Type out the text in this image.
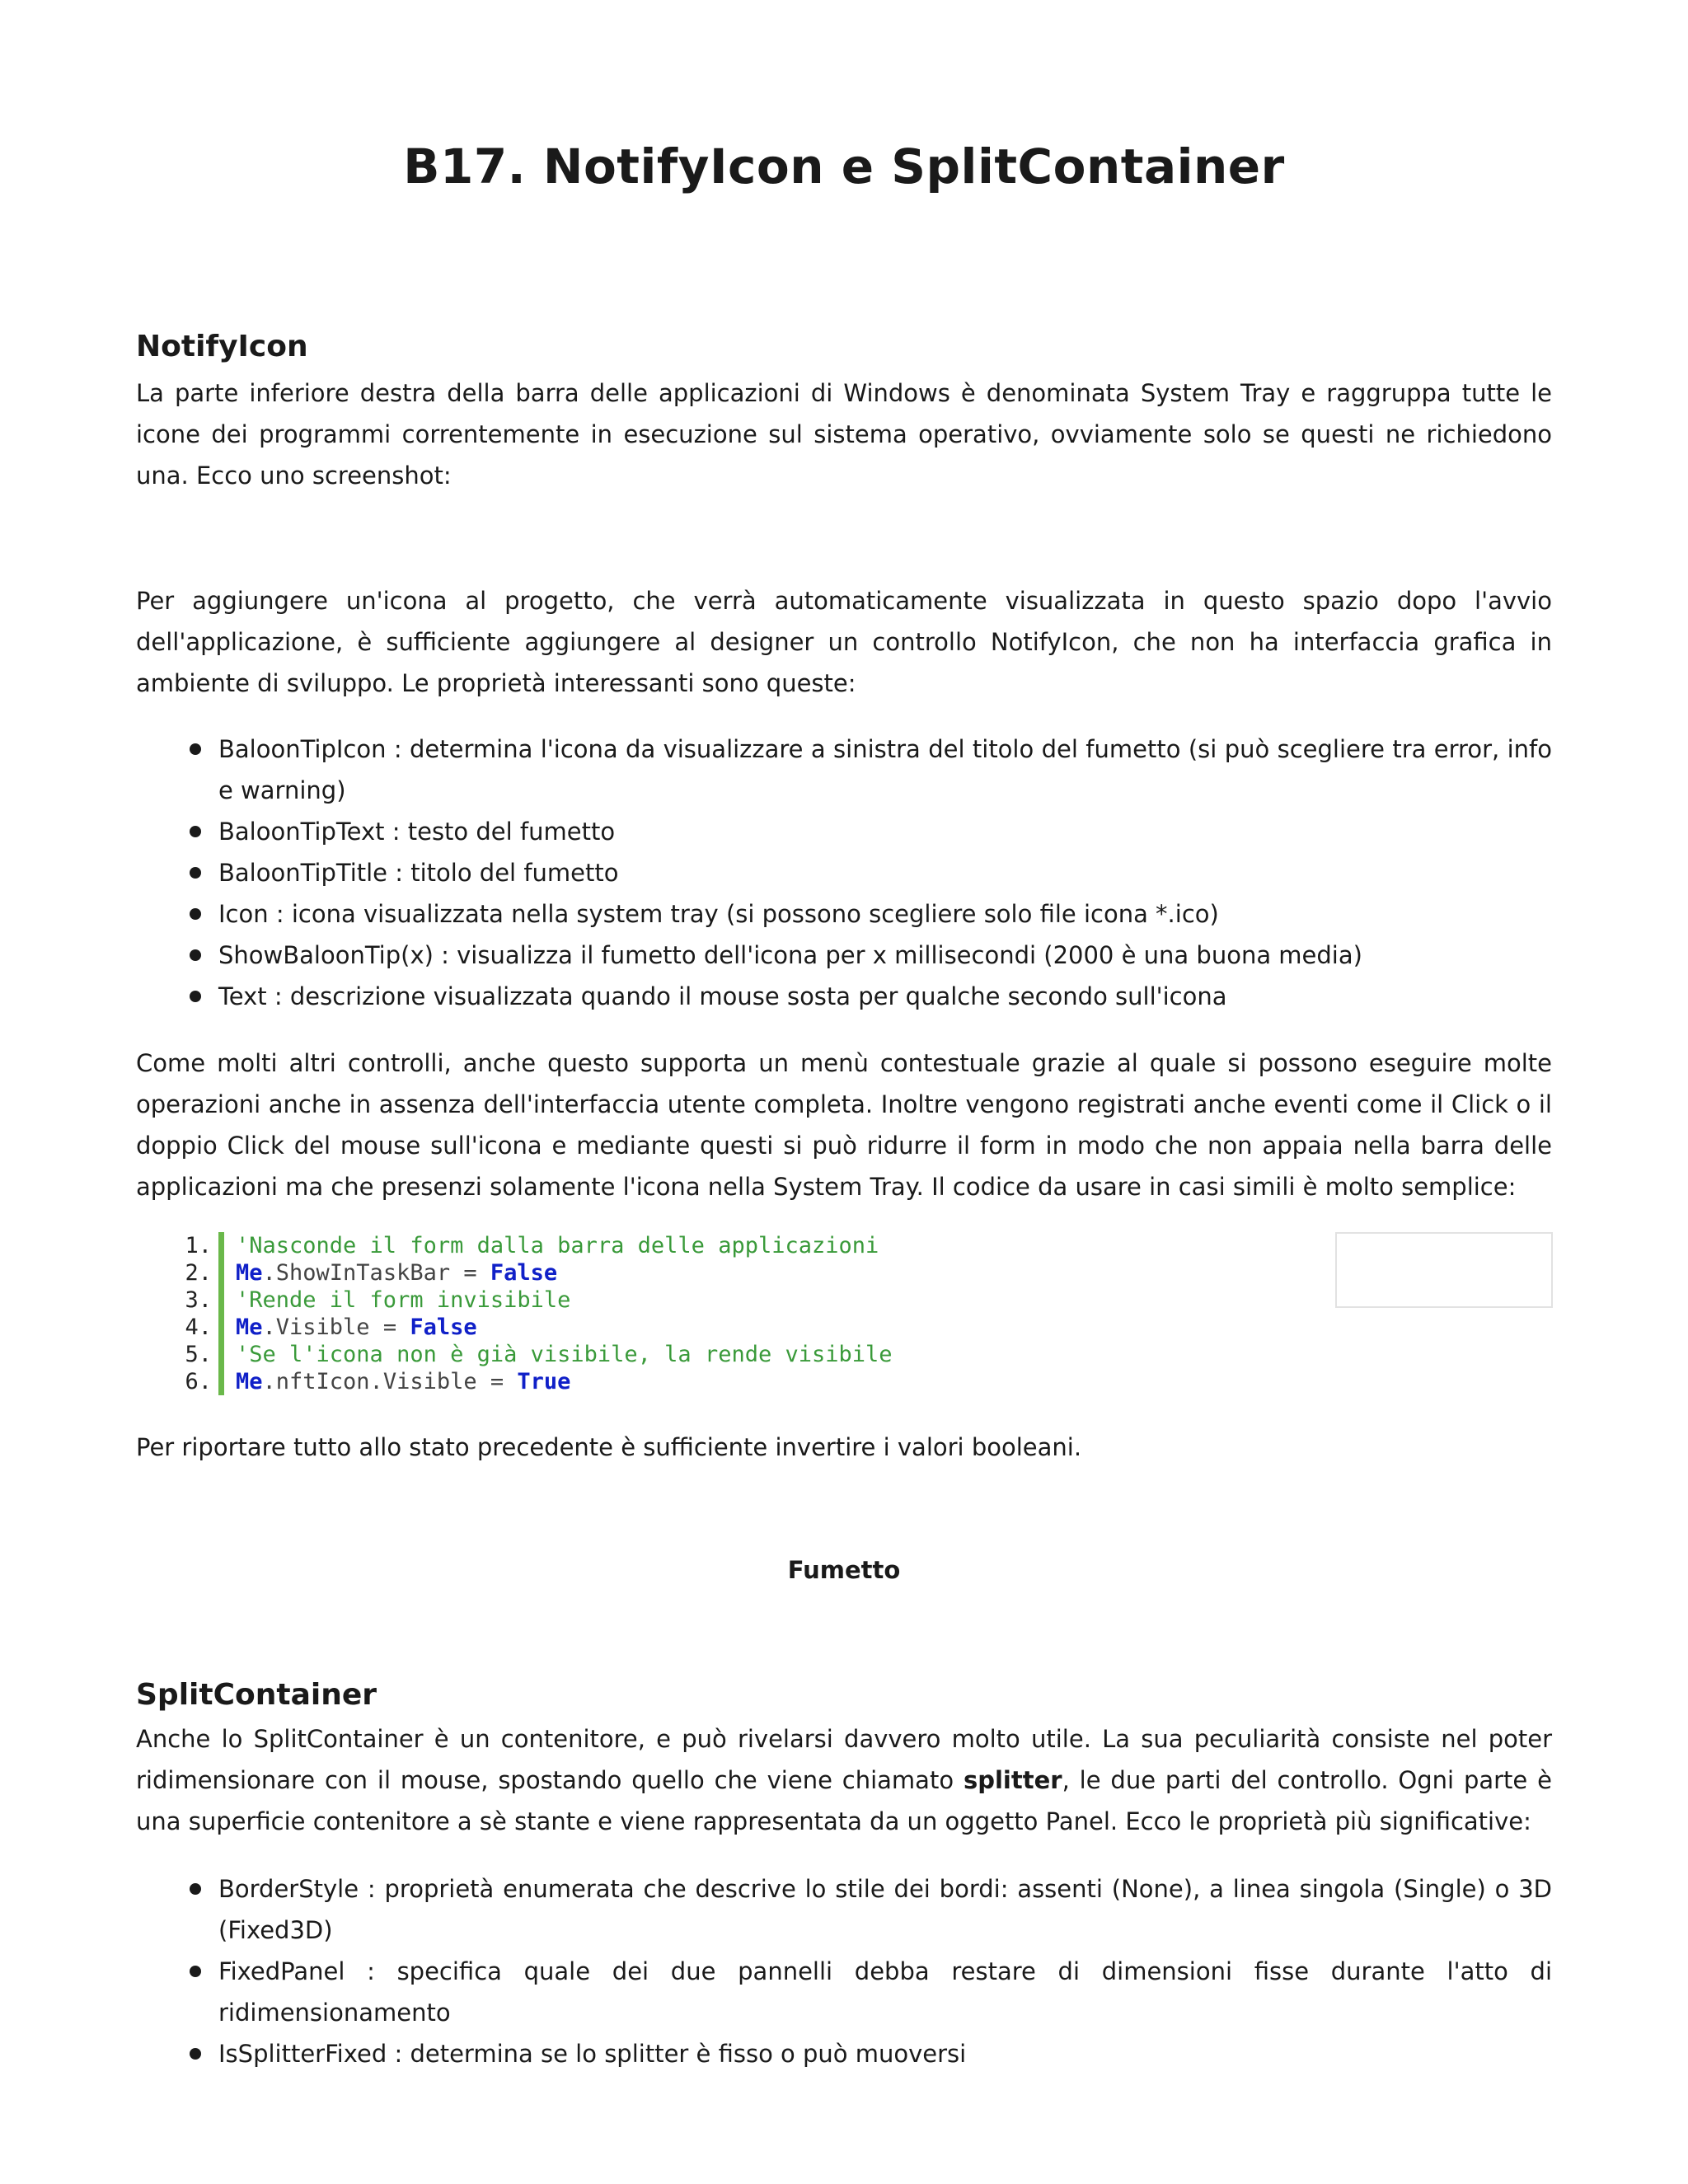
B17. NotifyIcon e SplitContainer
NotifyIcon

La parte inferiore destra della barra delle applicazioni di Windows è denominata System Tray e raggruppa tutte le icone dei programmi correntemente in esecuzione sul sistema operativo, ovviamente solo se questi ne richiedono una. Ecco uno screenshot:

Per aggiungere un'icona al progetto, che verrà automaticamente visualizzata in questo spazio dopo l'avvio dell'applicazione, è sufficiente aggiungere al designer un controllo NotifyIcon, che non ha interfaccia grafica in ambiente di sviluppo. Le proprietà interessanti sono queste:

BaloonTipIcon : determina l'icona da visualizzare a sinistra del titolo del fumetto (si può scegliere tra error, info e warning)
BaloonTipText : testo del fumetto
BaloonTipTitle : titolo del fumetto
Icon : icona visualizzata nella system tray (si possono scegliere solo file icona *.ico)
ShowBaloonTip(x) : visualizza il fumetto dell'icona per x millisecondi (2000 è una buona media)
Text : descrizione visualizzata quando il mouse sosta per qualche secondo sull'icona

Come molti altri controlli, anche questo supporta un menù contestuale grazie al quale si possono eseguire molte operazioni anche in assenza dell'interfaccia utente completa. Inoltre vengono registrati anche eventi come il Click o il doppio Click del mouse sull'icona e mediante questi si può ridurre il form in modo che non appaia nella barra delle applicazioni ma che presenzi solamente l'icona nella System Tray. Il codice da usare in casi simili è molto semplice:

1.	'Nasconde il form dalla barra delle applicazioni
2.	Me.ShowInTaskBar = False
3.	'Rende il form invisibile
4.	Me.Visible = False
5.	'Se l'icona non è già visibile, la rende visibile
6.	Me.nftIcon.Visible = True

Per riportare tutto allo stato precedente è sufficiente invertire i valori booleani.

Fumetto

SplitContainer

Anche lo SplitContainer è un contenitore, e può rivelarsi davvero molto utile. La sua peculiarità consiste nel poter ridimensionare con il mouse, spostando quello che viene chiamato splitter, le due parti del controllo. Ogni parte è una superficie contenitore a sè stante e viene rappresentata da un oggetto Panel. Ecco le proprietà più significative:

BorderStyle : proprietà enumerata che descrive lo stile dei bordi: assenti (None), a linea singola (Single) o 3D (Fixed3D)
FixedPanel : specifica quale dei due pannelli debba restare di dimensioni fisse durante l'atto di ridimensionamento
IsSplitterFixed : determina se lo splitter è fisso o può muoversi
